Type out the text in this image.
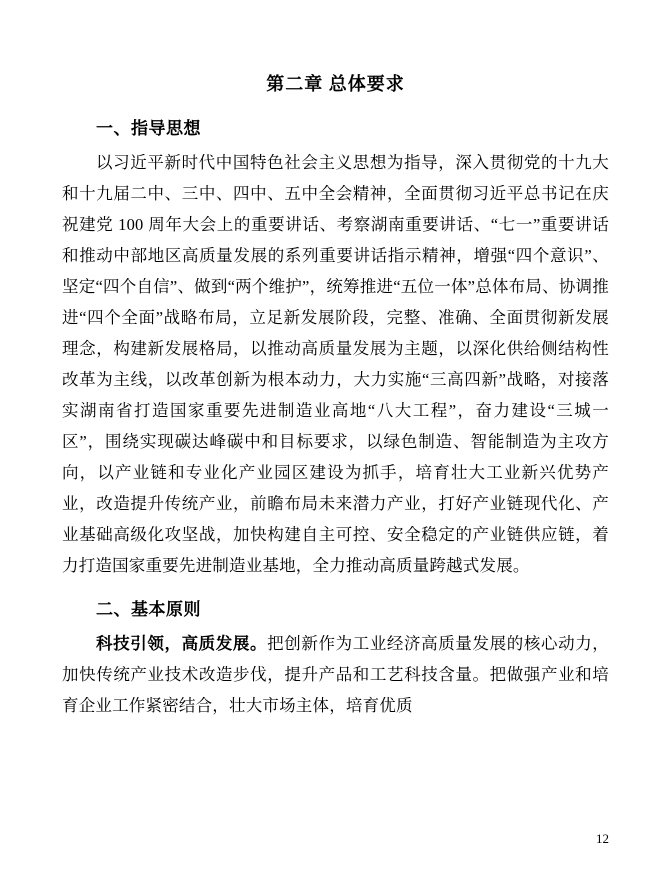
第二章 总体要求
一、指导思想

以习近平新时代中国特色社会主义思想为指导，深入贯彻党的十九大和十九届二中、三中、四中、五中全会精神，全面贯彻习近平总书记在庆祝建党 100 周年大会上的重要讲话、考察湖南重要讲话、“七一”重要讲话和推动中部地区高质量发展的系列重要讲话指示精神，增强“四个意识”、坚定“四个自信”、做到“两个维护”，统筹推进“五位一体”总体布局、协调推进“四个全面”战略布局，立足新发展阶段，完整、准确、全面贯彻新发展理念，构建新发展格局，以推动高质量发展为主题，以深化供给侧结构性改革为主线，以改革创新为根本动力，大力实施“三高四新”战略，对接落实湖南省打造国家重要先进制造业高地“八大工程”，奋力建设“三城一区”，围绕实现碳达峰碳中和目标要求，以绿色制造、智能制造为主攻方向，以产业链和专业化产业园区建设为抓手，培育壮大工业新兴优势产业，改造提升传统产业，前瞻布局未来潜力产业，打好产业链现代化、产业基础高级化攻坚战，加快构建自主可控、安全稳定的产业链供应链，着力打造国家重要先进制造业基地，全力推动高质量跨越式发展。

二、基本原则

科技引领，高质发展。把创新作为工业经济高质量发展的核心动力，加快传统产业技术改造步伐，提升产品和工艺科技含量。把做强产业和培育企业工作紧密结合，壮大市场主体，培育优质

12
